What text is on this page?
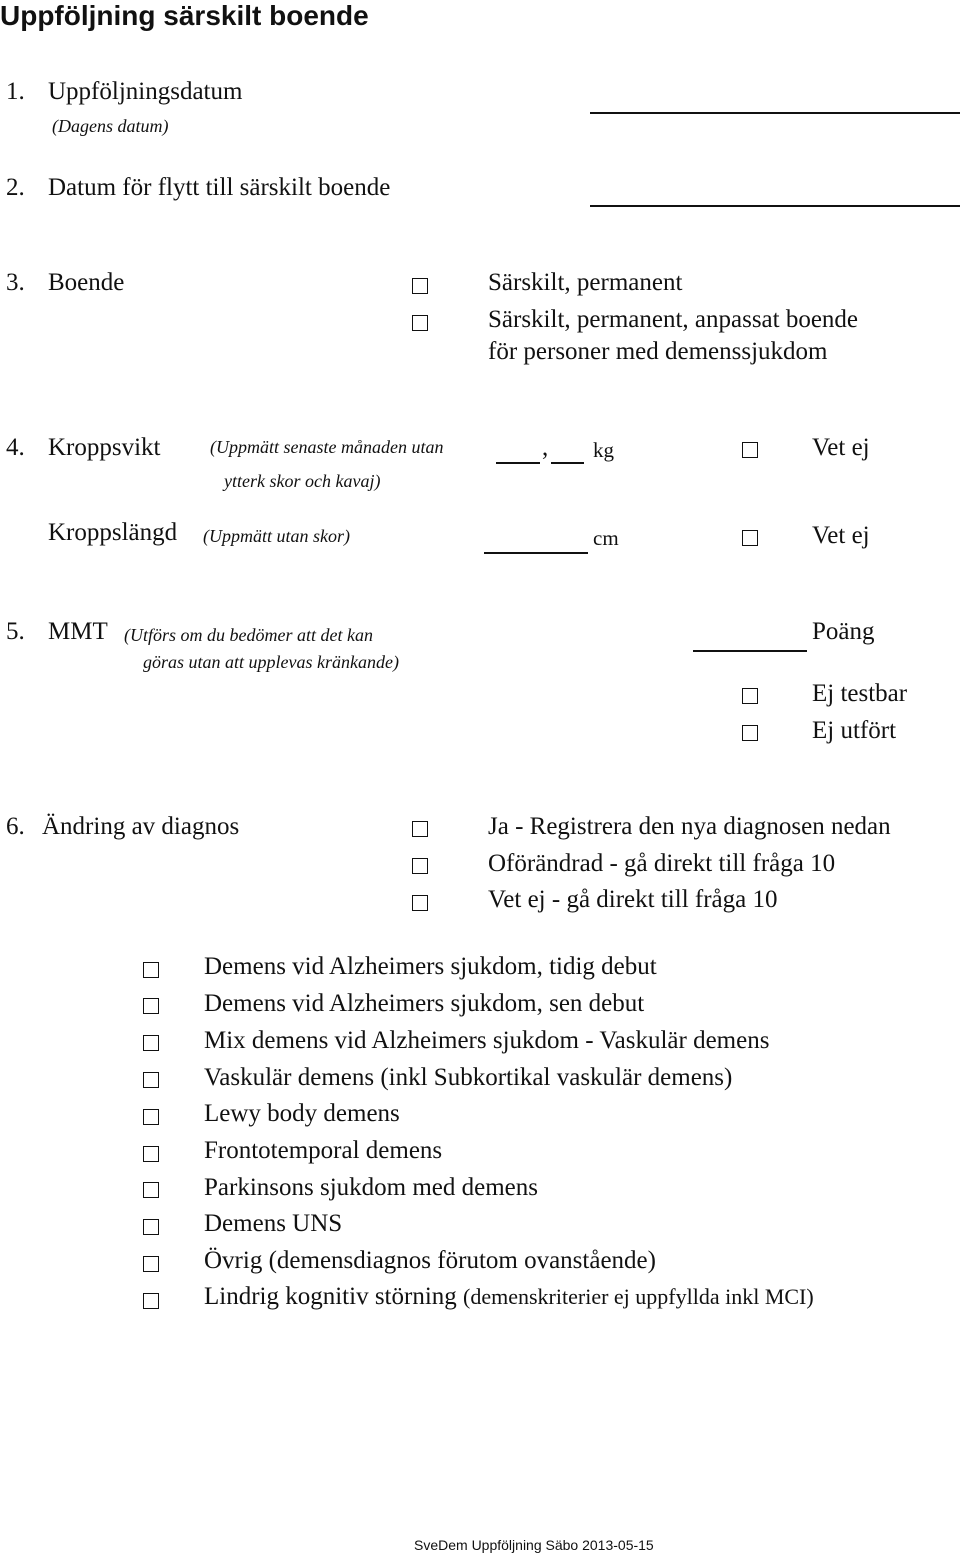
Uppföljning särskilt boende
1. Uppföljningsdatum
(Dagens datum)
2. Datum för flytt till särskilt boende
3. Boende	Särskilt, permanent
Särskilt, permanent, anpassat boende
för personer med demenssjukdom
4. Kroppsvikt	(Uppmätt senaste månaden utan
ytterk skor och kavaj)
, kg	Vet ej
Kroppslängd (Uppmätt utan skor)	cm	Vet ej
5. MMT (Utförs om du bedömer att det kan
göras utan att upplevas kränkande)
Poäng
Ej testbar
Ej utfört
6. Ändring av diagnos	Ja - Registrera den nya diagnosen nedan
Oförändrad - gå direkt till fråga 10
Vet ej - gå direkt till fråga 10
Demens vid Alzheimers sjukdom, tidig debut
Demens vid Alzheimers sjukdom, sen debut
Mix demens vid Alzheimers sjukdom - Vaskulär demens
Vaskulär demens (inkl Subkortikal vaskulär demens)
Lewy body demens
Frontotemporal demens
Parkinsons sjukdom med demens
Demens UNS
Övrig (demensdiagnos förutom ovanstående)
Lindrig kognitiv störning (demenskriterier ej uppfyllda inkl MCI)
SveDem Uppföljning Säbo 2013-05-15
